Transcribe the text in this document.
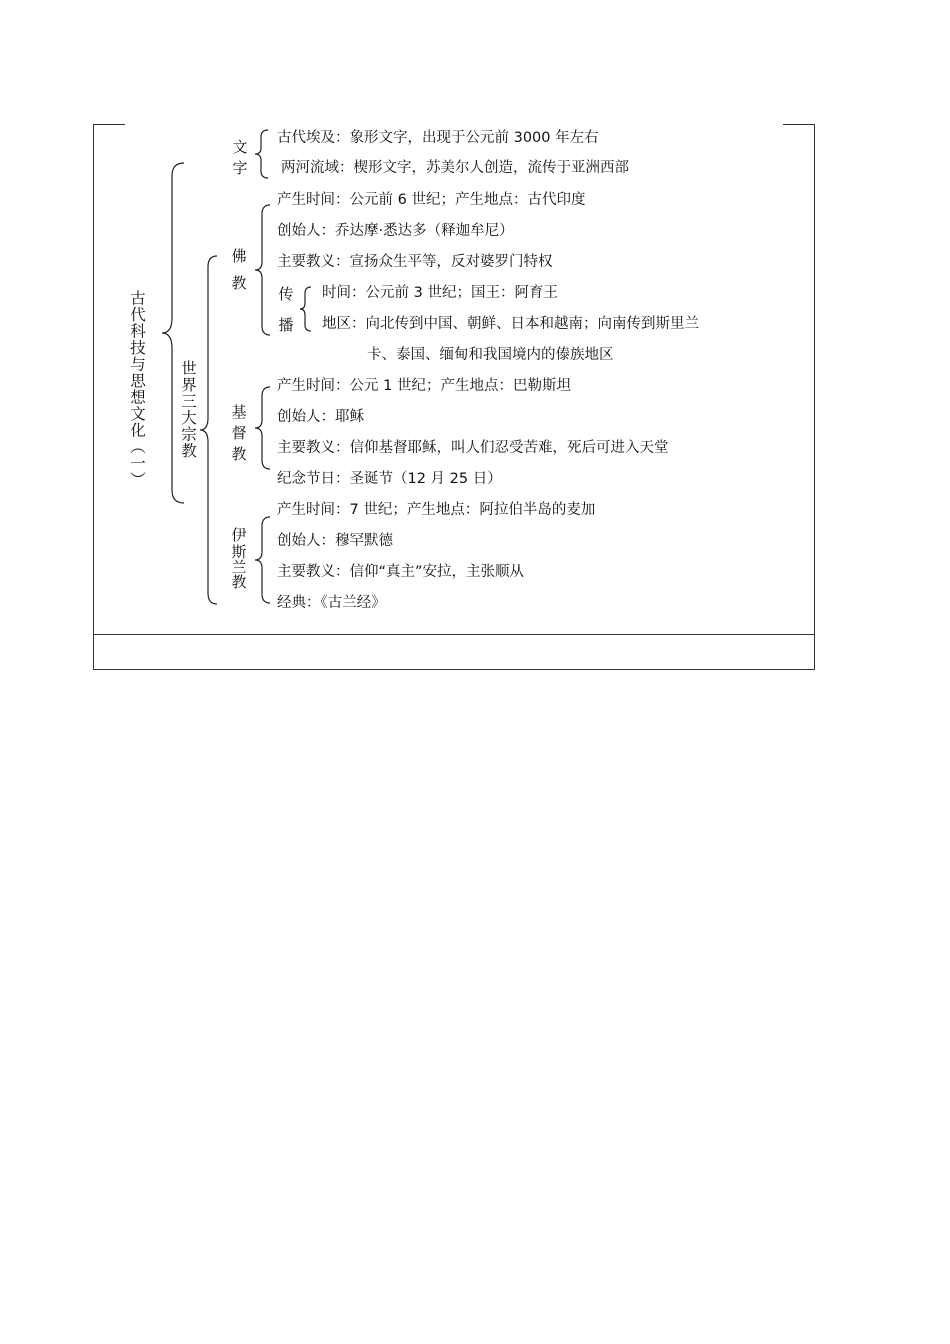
古代科技与思想文化（一）
文
字
古代埃及：象形文字，出现于公元前 3000 年左右
两河流域：楔形文字，苏美尔人创造，流传于亚洲西部
世界三大宗教
佛
教
产生时间：公元前 6 世纪；产生地点：古代印度
创始人：乔达摩·悉达多（释迦牟尼）
主要教义：宣扬众生平等，反对婆罗门特权
传
播
时间：公元前 3 世纪；国王：阿育王
地区：向北传到中国、朝鲜、日本和越南；向南传到斯里兰
卡、泰国、缅甸和我国境内的傣族地区
基
督
教
产生时间：公元 1 世纪；产生地点：巴勒斯坦
创始人：耶稣
主要教义：信仰基督耶稣，叫人们忍受苦难，死后可进入天堂
纪念节日：圣诞节（12 月 25 日）
伊
斯
兰
教
产生时间：7 世纪；产生地点：阿拉伯半岛的麦加
创始人：穆罕默德
主要教义：信仰“真主”安拉，主张顺从
经典：《古兰经》
